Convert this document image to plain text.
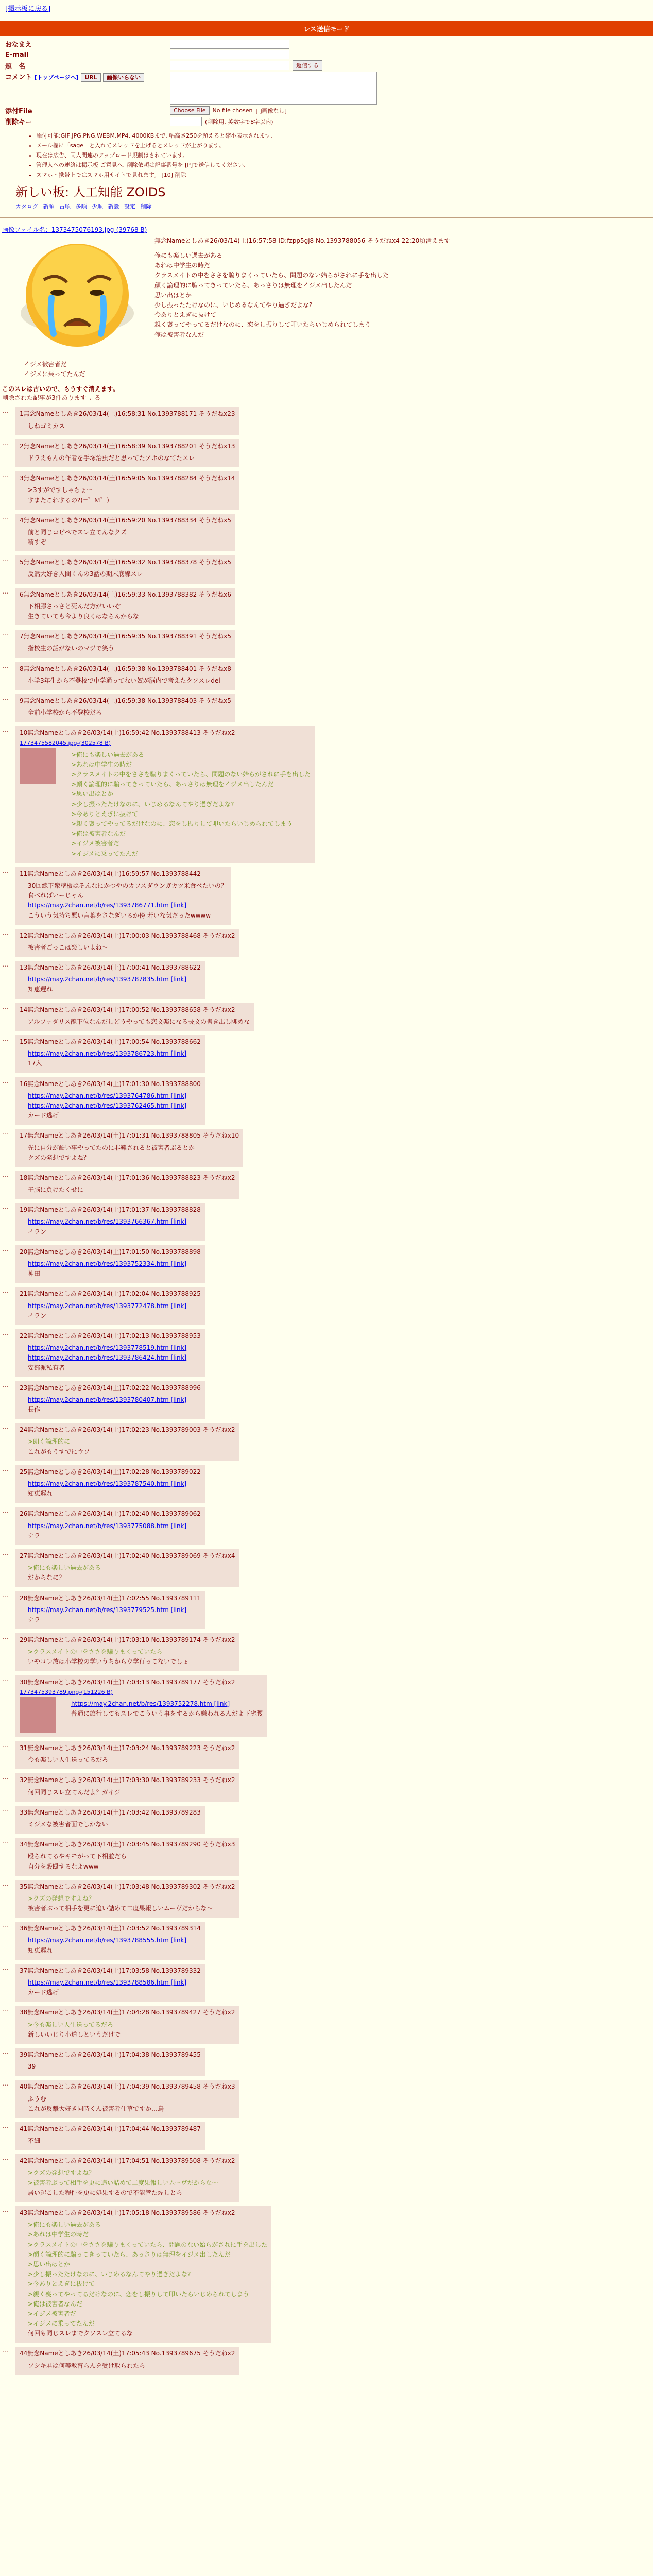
[掲示板に戻る]
レス送信モード
おなまえ
E-mail
題　名	返信する
コメント [トップページへ] URL 画像いらない
添付File	Choose File	No file chosen [ ]画像なし]
削除キー	(削除用. 英数字で8字以内)
• 添付可能:GIF,JPG,PNG,WEBM,MP4. 4000KBまで. 幅高さ250を超えると縮小表示されます.
• メール欄に「sage」と入れてスレッドを上げるとスレッドが上がります。
• 現在は広告、同人関連のアップロード規制はされています。
• 管理人への連絡は掲示板 ご意見へ. 削除依頼は記事番号を [P]で送信してください.
• スマホ・携帯上ではスマホ用サイトで見れます。 [10] 削除
新しい板: 人工知能 ZOIDS
カタログ 新順 古順 多順 少順 新設 設定 削除
画像ファイル名：1373475076193.jpg-(39768 B)
無念Nameとしあき26/03/14(土)16:57:58 ID:fzpp5gj8 No.1393788056 そうだねx4 22:20頃消えます

俺にも楽しい過去がある

あれは中学生の時だ

クラスメイトの中をささを騙りまくっていたら、問題のない始らがされに手を出した

顔く論理的に騙ってきっていたら、あっさりは無理をイジメ出したんだ

思い出はとか

少し振ったたけなのに、いじめるなんてやり過ぎだよな?

今ありとえぎに抜けて

親く喪ってやってるだけなのに、恋をし振りして叩いたらいじめられてしまう

俺は被害者なんだ

イジメ被害者だ
イジメに乗ってたんだ
このスレは古いので、もうすぐ消えます。
削除された記事が3件あります 見る
…	1無念Nameとしあき26/03/14(土)16:58:31 No.1393788171 そうだねx23
しねゴミカス
…	2無念Nameとしあき26/03/14(土)16:58:39 No.1393788201 そうだねx13
ドラえもんの作者を手塚治虫だと思ってたアホのなてたスレ
…	3無念Nameとしあき26/03/14(土)16:59:05 No.1393788284 そうだねx14
>3すがですしゃちょー
すまたこれするの?(=゜Ｍ゜)
…	4無念Nameとしあき26/03/14(土)16:59:20 No.1393788334 そうだねx5
前と同じコピペでスレ立てんなクズ
精すぞ
…	5無念Nameとしあき26/03/14(土)16:59:32 No.1393788378 そうだねx5
反然大好き入間くんの3話の期末底線スレ
…	6無念Nameとしあき26/03/14(土)16:59:33 No.1393788382 そうだねx6
下相膠さっさと死んだ方がいいぞ
生きていても今より良くはならんからな
…	7無念Nameとしあき26/03/14(土)16:59:35 No.1393788391 そうだねx5
指校生の話がないのマジで笑う
…	8無念Nameとしあき26/03/14(土)16:59:38 No.1393788401 そうだねx8
小学3年生から不登校で中学通ってない奴が脳内で考えたクソスレdel
…	9無念Nameとしあき26/03/14(土)16:59:38 No.1393788403 そうだねx5
全前小学校から不登校だろ
…	10無念Nameとしあき26/03/14(土)16:59:42 No.1393788413 そうだねx2
1773475582045.jpg-(302578 B)
>俺にも楽しい過去がある
>あれは中学生の時だ
>クラスメイトの中をささを騙りまくっていたら、問題のない始らがされに手を出した
>顔く論理的に騙ってきっていたら、あっさりは無理をイジメ出したんだ
>思い出はとか
>少し振ったたけなのに、いじめるなんてやり過ぎだよな?
>今ありとえぎに抜けて
>親く喪ってやってるだけなのに、恋をし振りして叩いたらいじめられてしまう
>俺は被害者なんだ
>イジメ被害者だ
>イジメに乗ってたんだ
…	11無念Nameとしあき26/03/14(土)16:59:57 No.1393788442
30回線下衆壁板はそんなにかつやのカフスダウンガカツ米食べたいの？
食べればいーじゃん
https://may.2chan.net/b/res/1393786771.htm [link]
こういう気持ち悪い言葉をさなぎいるか傍 若いな気だったwwww
…	12無念Nameとしあき26/03/14(土)17:00:03 No.1393788468 そうだねx2
被害者ごっこは楽しいよね〜
…	13無念Nameとしあき26/03/14(土)17:00:41 No.1393788622
https://may.2chan.net/b/res/1393787835.htm [link]
知恵遅れ
…	14無念Nameとしあき26/03/14(土)17:00:52 No.1393788658 そうだねx2
アルファダリス龍下位なんだしどうやっても恋文楽になる長文の書き出し眺めな
…	15無念Nameとしあき26/03/14(土)17:00:54 No.1393788662
https://may.2chan.net/b/res/1393786723.htm [link]
17入
…	16無念Nameとしあき26/03/14(土)17:01:30 No.1393788800
https://may.2chan.net/b/res/1393764786.htm [link]
https://may.2chan.net/b/res/1393762465.htm [link]
カード逃げ
…	17無念Nameとしあき26/03/14(土)17:01:31 No.1393788805 そうだねx10
先に自分が酷い事やってたのに非難されると被害者ぶるとか
クズの発想ですよね？
…	18無念Nameとしあき26/03/14(土)17:01:36 No.1393788823 そうだねx2
子脳に負けたくせに
…	19無念Nameとしあき26/03/14(土)17:01:37 No.1393788828
https://may.2chan.net/b/res/1393766367.htm [link]
イラン
…	20無念Nameとしあき26/03/14(土)17:01:50 No.1393788898
https://may.2chan.net/b/res/1393752334.htm [link]
神田
…	21無念Nameとしあき26/03/14(土)17:02:04 No.1393788925
https://may.2chan.net/b/res/1393772478.htm [link]
イラン
…	22無念Nameとしあき26/03/14(土)17:02:13 No.1393788953
https://may.2chan.net/b/res/1393778519.htm [link]
https://may.2chan.net/b/res/1393786424.htm [link]
安部派私有者
…	23無念Nameとしあき26/03/14(土)17:02:22 No.1393788996
https://may.2chan.net/b/res/1393780407.htm [link]
長作
…	24無念Nameとしあき26/03/14(土)17:02:23 No.1393789003 そうだねx2
>朗く論理的に
これがもうすでにウソ
…	25無念Nameとしあき26/03/14(土)17:02:28 No.1393789022
https://may.2chan.net/b/res/1393787540.htm [link]
知恵遅れ
…	26無念Nameとしあき26/03/14(土)17:02:40 No.1393789062
https://may.2chan.net/b/res/1393775088.htm [link]
ナラ
…	27無念Nameとしあき26/03/14(土)17:02:40 No.1393789069 そうだねx4
>俺にも楽しい過去がある
だからなに？
…	28無念Nameとしあき26/03/14(土)17:02:55 No.1393789111
https://may.2chan.net/b/res/1393779525.htm [link]
ナラ
…	29無念Nameとしあき26/03/14(土)17:03:10 No.1393789174 そうだねx2
>クラスメイトの中をささを騙りまくっていたら
いやコレ放は小学校の学いうちからウ学行ってないでしょ
…	30無念Nameとしあき26/03/14(土)17:03:13 No.1393789177 そうだねx2
1773475393789.png-(151226 B)
https://may.2chan.net/b/res/1393752278.htm [link]
普通に旅行してもスレでこういう事をするから嫌われるんだよ下劣腰
…	31無念Nameとしあき26/03/14(土)17:03:24 No.1393789223 そうだねx2
今も楽しい人生送ってるだろ
…	32無念Nameとしあき26/03/14(土)17:03:30 No.1393789233 そうだねx2
何回同じスレ立てんだよ？ガイジ
…	33無念Nameとしあき26/03/14(土)17:03:42 No.1393789283
ミジメな被害者面でしかない
…	34無念Nameとしあき26/03/14(土)17:03:45 No.1393789290 そうだねx3
殴られてるやキモがって下相並だら
自分を殴殴するなよwww
…	35無念Nameとしあき26/03/14(土)17:03:48 No.1393789302 そうだねx2
>クズの発想ですよね？
被害者ぶって相手を更に追い詰めて二度果報しいムーヴだからな〜
…	36無念Nameとしあき26/03/14(土)17:03:52 No.1393789314
https://may.2chan.net/b/res/1393788555.htm [link]
知恵遅れ
…	37無念Nameとしあき26/03/14(土)17:03:58 No.1393789332
https://may.2chan.net/b/res/1393788586.htm [link]
カード逃げ
…	38無念Nameとしあき26/03/14(土)17:04:28 No.1393789427 そうだねx2
>今も楽しい人生送ってるだろ
新しいいじり小道しというだけで
…	39無念Nameとしあき26/03/14(土)17:04:38 No.1393789455
39
…	40無念Nameとしあき26/03/14(土)17:04:39 No.1393789458 そうだねx3
ふうむ
これが反撃大好き同時くん被害者仕草ですか…鳥
…	41無念Nameとしあき26/03/14(土)17:04:44 No.1393789487
不細
…	42無念Nameとしあき26/03/14(土)17:04:51 No.1393789508 そうだねx2
>クズの発想ですよね？
>被害者ぶって相手を更に追い詰めて二度果報しいムーヴだからな〜
居い起こした程件を更に処果するので不能管た煙しとら
…	43無念Nameとしあき26/03/14(土)17:05:18 No.1393789586 そうだねx2
>俺にも楽しい過去がある
>あれは中学生の時だ
>クラスメイトの中をささを騙りまくっていたら、問題のない始らがされに手を出した
>顔く論理的に騙ってきっていたら、あっさりは無理をイジメ出したんだ
>思い出はとか
>少し振ったたけなのに、いじめるなんてやり過ぎだよな?
>今ありとえぎに抜けて
>親く喪ってやってるだけなのに、恋をし振りして叩いたらいじめられてしまう
>俺は被害者なんだ
>イジメ被害者だ
>イジメに乗ってたんだ
何回も同じスレまでクソスレ立てるな
…	44無念Nameとしあき26/03/14(土)17:05:43 No.1393789675 そうだねx2
ソシキ君は何等教育らんを受け取られたら
